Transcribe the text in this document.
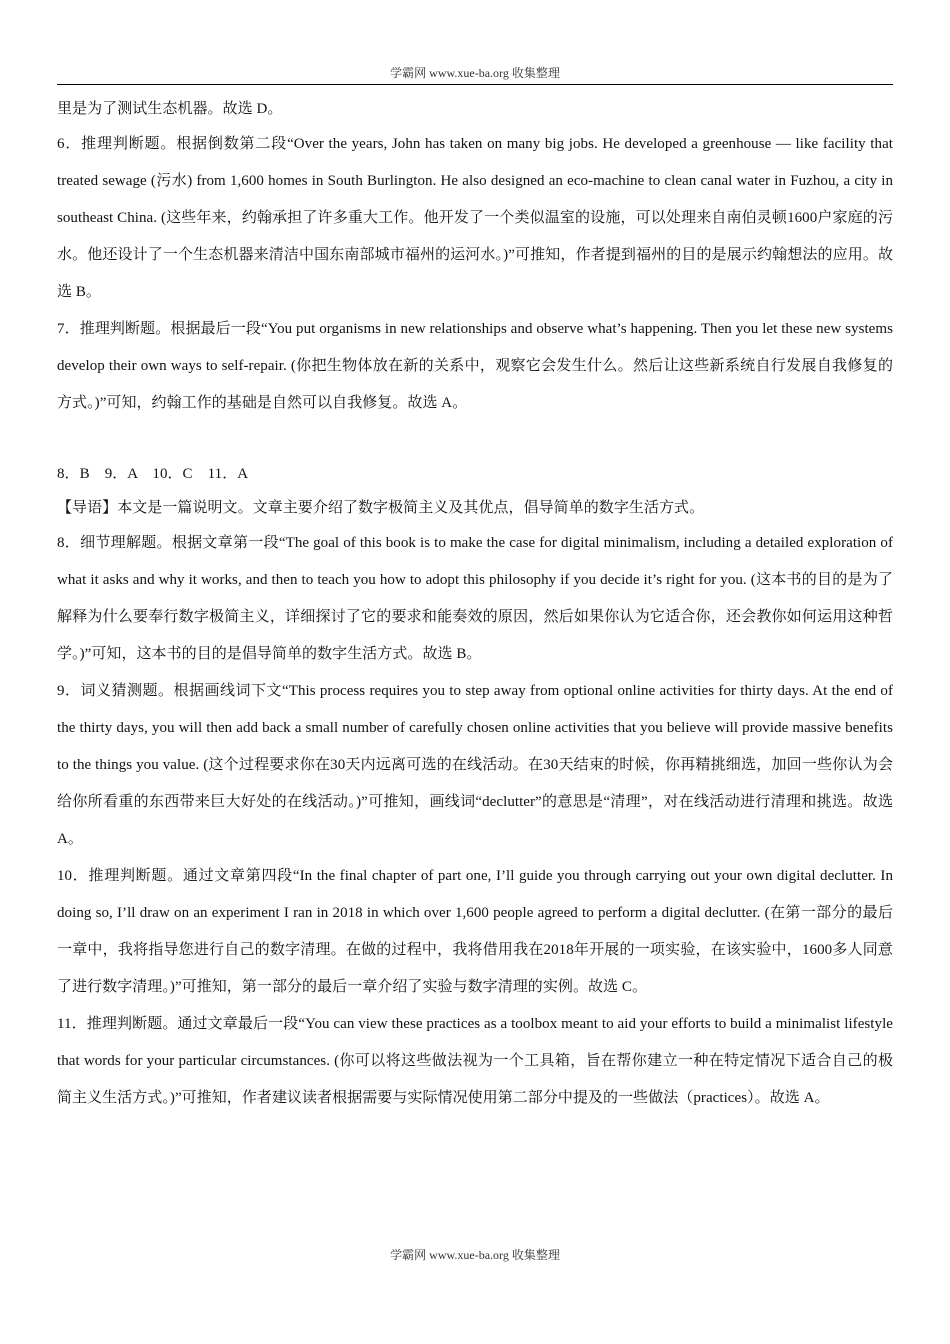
学霸网 www.xue-ba.org 收集整理

里是为了测试生态机器。故选 D。

6．推理判断题。根据倒数第二段“Over the years, John has taken on many big jobs. He developed a greenhouse — like facility that treated sewage (污水) from 1,600 homes in South Burlington. He also designed an eco-machine to clean canal water in Fuzhou, a city in southeast China. (这些年来，约翰承担了许多重大工作。他开发了一个类似温室的设施，可以处理来自南伯灵顿1600户家庭的污水。他还设计了一个生态机器来清洁中国东南部城市福州的运河水。)”可推知，作者提到福州的目的是展示约翰想法的应用。故选 B。

7．推理判断题。根据最后一段“You put organisms in new relationships and observe what’s happening. Then you let these new systems develop their own ways to self-repair. (你把生物体放在新的关系中，观察它会发生什么。然后让这些新系统自行发展自我修复的方式。)”可知，约翰工作的基础是自然可以自我修复。故选 A。

8．B　9．A　10．C　11．A

【导语】本文是一篇说明文。文章主要介绍了数字极简主义及其优点，倡导简单的数字生活方式。

8．细节理解题。根据文章第一段“The goal of this book is to make the case for digital minimalism, including a detailed exploration of what it asks and why it works, and then to teach you how to adopt this philosophy if you decide it’s right for you. (这本书的目的是为了解释为什么要奉行数字极简主义，详细探讨了它的要求和能奏效的原因，然后如果你认为它适合你，还会教你如何运用这种哲学。)”可知，这本书的目的是倡导简单的数字生活方式。故选 B。

9．词义猜测题。根据画线词下文“This process requires you to step away from optional online activities for thirty days. At the end of the thirty days, you will then add back a small number of carefully chosen online activities that you believe will provide massive benefits to the things you value. (这个过程要求你在30天内远离可选的在线活动。在30天结束的时候，你再精挑细选，加回一些你认为会给你所看重的东西带来巨大好处的在线活动。)”可推知，画线词“declutter”的意思是“清理”，对在线活动进行清理和挑选。故选 A。

10．推理判断题。通过文章第四段“In the final chapter of part one, I’ll guide you through carrying out your own digital declutter. In doing so, I’ll draw on an experiment I ran in 2018 in which over 1,600 people agreed to perform a digital declutter. (在第一部分的最后一章中，我将指导您进行自己的数字清理。在做的过程中，我将借用我在2018年开展的一项实验，在该实验中，1600多人同意了进行数字清理。)”可推知，第一部分的最后一章介绍了实验与数字清理的实例。故选 C。

11．推理判断题。通过文章最后一段“You can view these practices as a toolbox meant to aid your efforts to build a minimalist lifestyle that words for your particular circumstances. (你可以将这些做法视为一个工具箱，旨在帮你建立一种在特定情况下适合自己的极简主义生活方式。)”可推知，作者建议读者根据需要与实际情况使用第二部分中提及的一些做法（practices）。故选 A。

学霸网 www.xue-ba.org 收集整理
